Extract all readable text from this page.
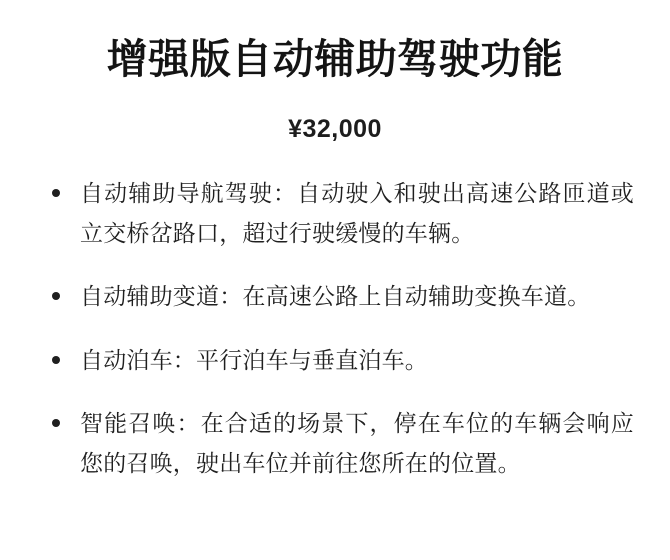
增强版自动辅助驾驶功能
¥32,000
自动辅助导航驾驶：自动驶入和驶出高速公路匝道或立交桥岔路口，超过行驶缓慢的车辆。
自动辅助变道：在高速公路上自动辅助变换车道。
自动泊车：平行泊车与垂直泊车。
智能召唤：在合适的场景下，停在车位的车辆会响应您的召唤，驶出车位并前往您所在的位置。
